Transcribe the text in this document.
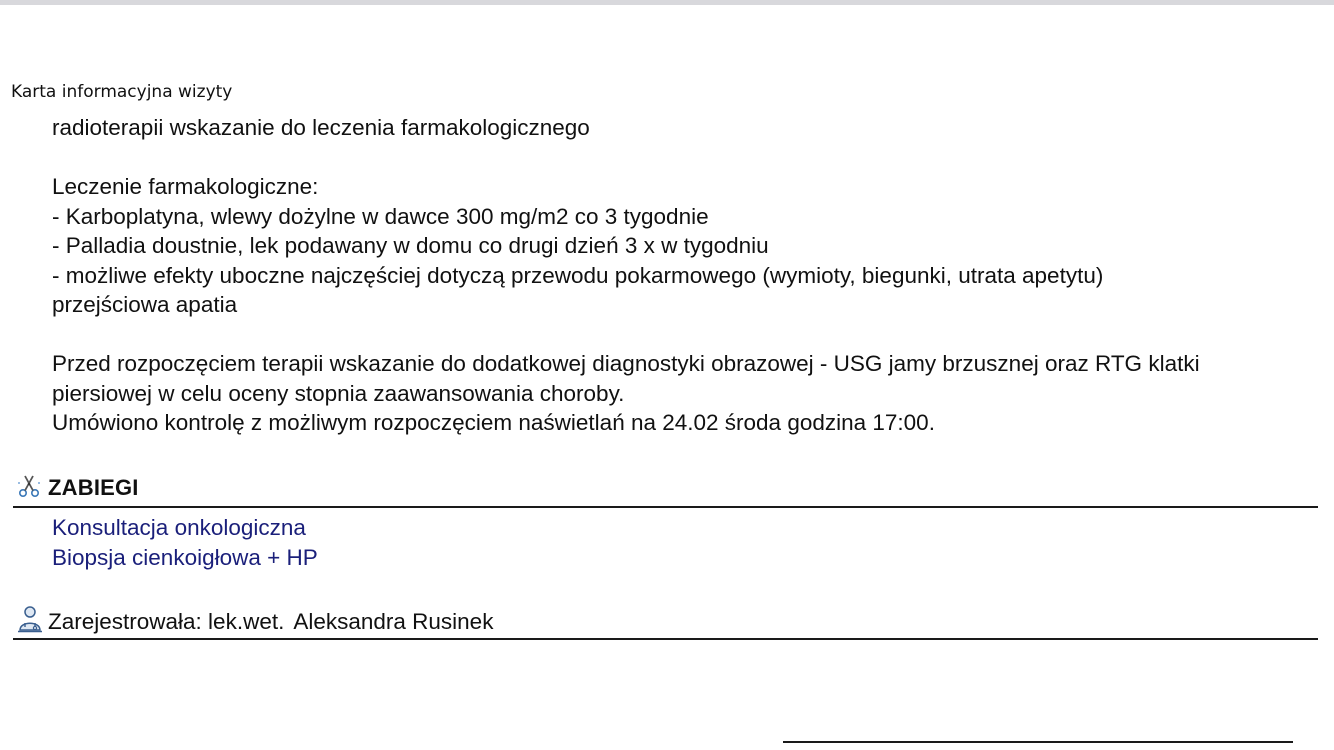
Karta informacyjna wizyty
radioterapii wskazanie do leczenia farmakologicznego
Leczenie farmakologiczne:
- Karboplatyna, wlewy dożylne w dawce 300 mg/m2 co 3 tygodnie
- Palladia doustnie, lek podawany w domu co drugi dzień 3 x w tygodniu
- możliwe efekty uboczne najczęściej dotyczą przewodu pokarmowego (wymioty, biegunki, utrata apetytu)
przejściowa apatia
Przed rozpoczęciem terapii wskazanie do dodatkowej diagnostyki obrazowej - USG jamy brzusznej oraz RTG klatki
piersiowej w celu oceny stopnia zaawansowania choroby.
Umówiono kontrolę z możliwym rozpoczęciem naświetlań na 24.02 środa godzina 17:00.
ZABIEGI
Konsultacja onkologiczna
Biopsja cienkoigłowa + HP
Zarejestrowała: lek.wet. Aleksandra Rusinek
